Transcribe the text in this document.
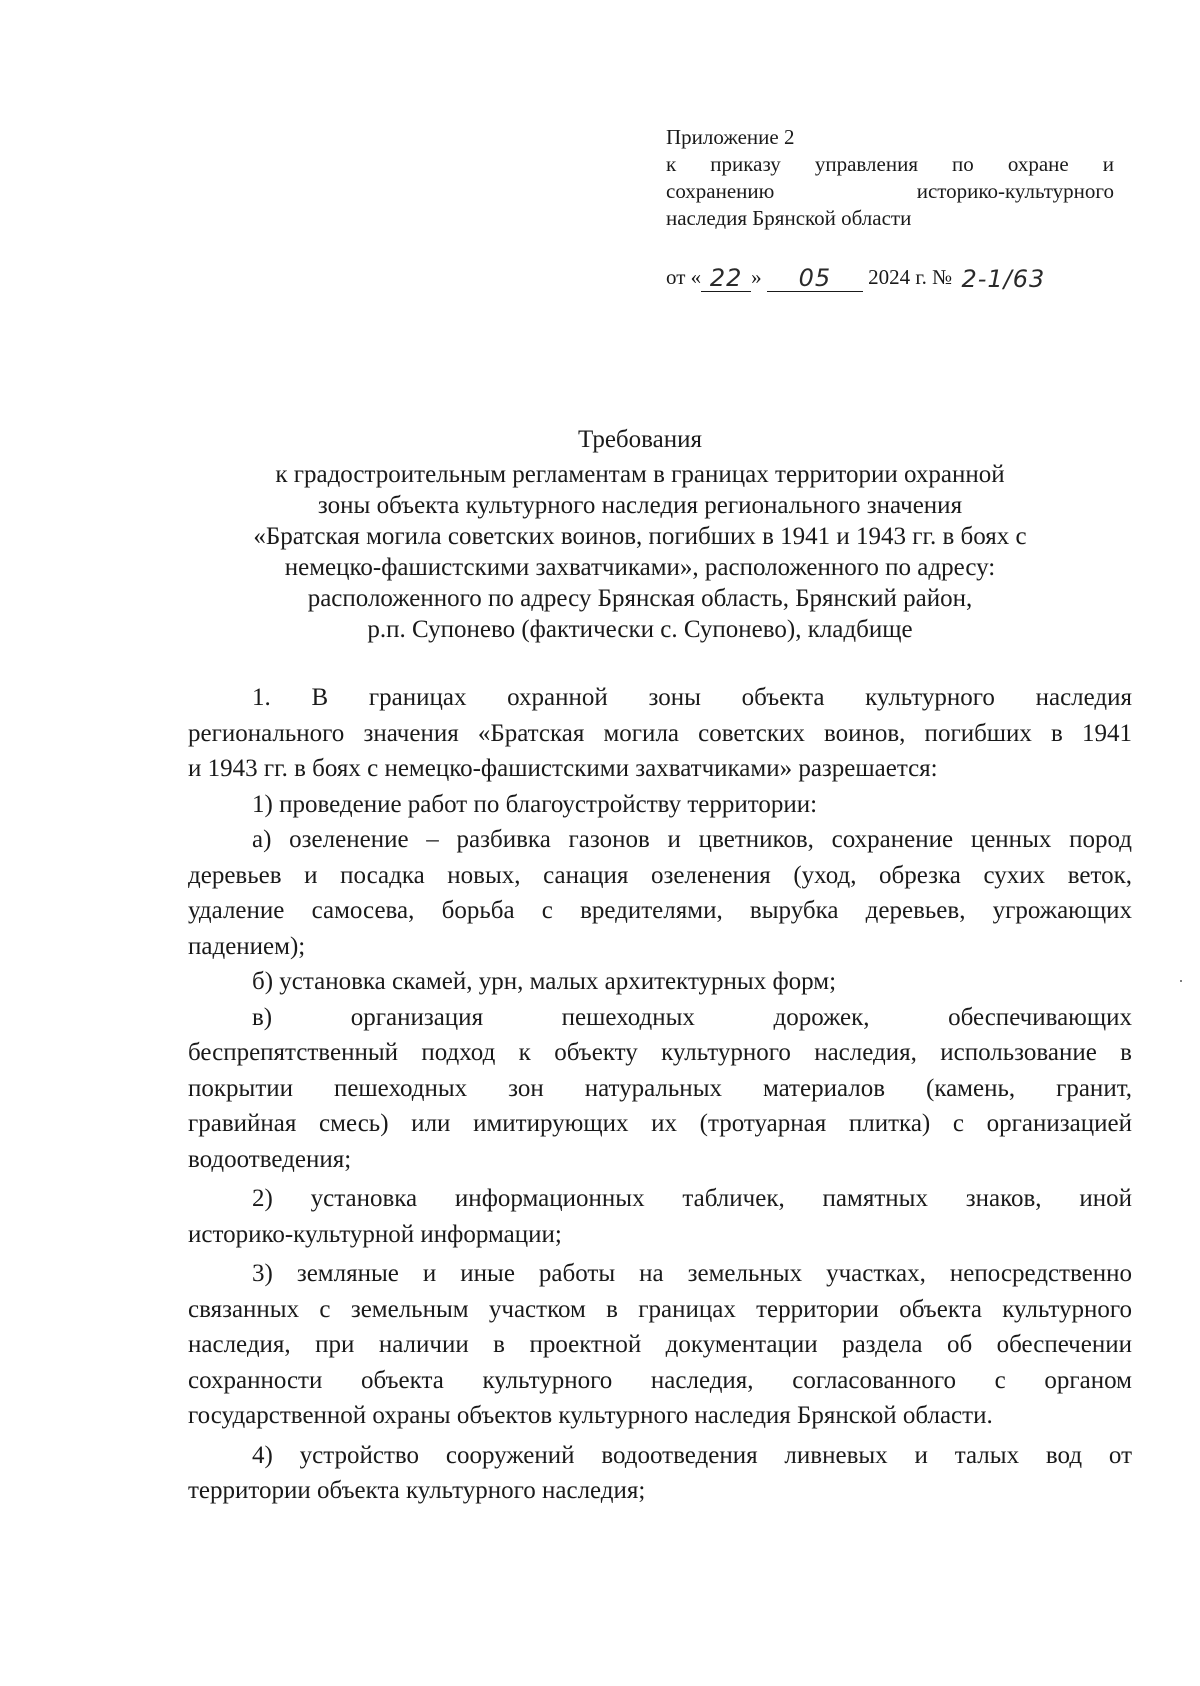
Приложение 2
к приказу управления по охране и
сохранению историко-культурного
наследия Брянской области
от « 22 » 05 2024 г. № 2-1/63
Требования
к градостроительным регламентам в границах территории охранной
зоны объекта культурного наследия регионального значения
«Братская могила советских воинов, погибших в 1941 и 1943 гг. в боях с
немецко-фашистскими захватчиками», расположенного по адресу:
расположенного по адресу Брянская область, Брянский район,
р.п. Супонево (фактически с. Супонево), кладбище
1. В границах охранной зоны объекта культурного наследия
регионального значения «Братская могила советских воинов, погибших в 1941
и 1943 гг. в боях с немецко-фашистскими захватчиками» разрешается:
1) проведение работ по благоустройству территории:
а) озеленение – разбивка газонов и цветников, сохранение ценных пород
деревьев и посадка новых, санация озеленения (уход, обрезка сухих веток,
удаление самосева, борьба с вредителями, вырубка деревьев, угрожающих
падением);
б) установка скамей, урн, малых архитектурных форм;
в) организация пешеходных дорожек, обеспечивающих
беспрепятственный подход к объекту культурного наследия, использование в
покрытии пешеходных зон натуральных материалов (камень, гранит,
гравийная смесь) или имитирующих их (тротуарная плитка) с организацией
водоотведения;
2) установка информационных табличек, памятных знаков, иной
историко-культурной информации;
3) земляные и иные работы на земельных участках, непосредственно
связанных с земельным участком в границах территории объекта культурного
наследия, при наличии в проектной документации раздела об обеспечении
сохранности объекта культурного наследия, согласованного с органом
государственной охраны объектов культурного наследия Брянской области.
4) устройство сооружений водоотведения ливневых и талых вод от
территории объекта культурного наследия;
